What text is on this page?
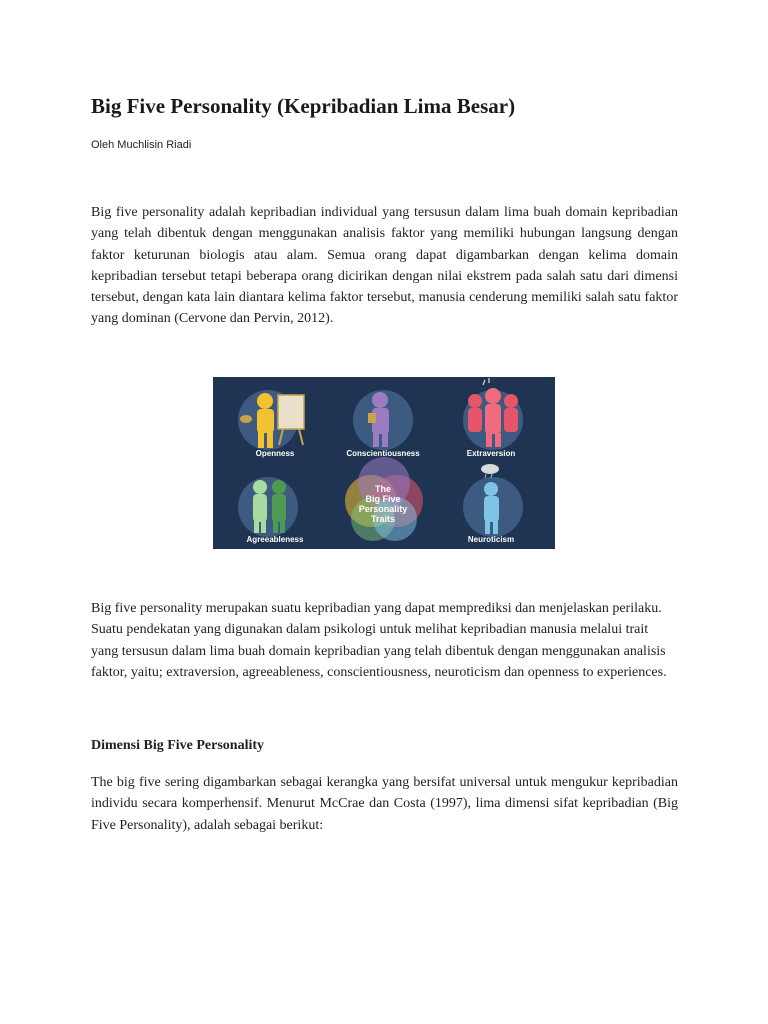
Big Five Personality (Kepribadian Lima Besar)
Oleh Muchlisin Riadi

Big five personality adalah kepribadian individual yang tersusun dalam lima buah domain kepribadian yang telah dibentuk dengan menggunakan analisis faktor yang memiliki hubungan langsung dengan faktor keturunan biologis atau alam. Semua orang dapat digambarkan dengan kelima domain kepribadian tersebut tetapi beberapa orang dicirikan dengan nilai ekstrem pada salah satu dari dimensi tersebut, dengan kata lain diantara kelima faktor tersebut, manusia cenderung memiliki salah satu faktor yang dominan (Cervone dan Pervin, 2012).

Openness	Conscientiousness	Extraversion
Agreeableness
The
Big Five
Personality
Traits
Neuroticism

Big five personality merupakan suatu kepribadian yang dapat memprediksi dan menjelaskan perilaku. Suatu pendekatan yang digunakan dalam psikologi untuk melihat kepribadian manusia melalui trait yang tersusun dalam lima buah domain kepribadian yang telah dibentuk dengan menggunakan analisis faktor, yaitu; extraversion, agreeableness, conscientiousness, neuroticism dan openness to experiences.

Dimensi Big Five Personality

The big five sering digambarkan sebagai kerangka yang bersifat universal untuk mengukur kepribadian individu secara komperhensif. Menurut McCrae dan Costa (1997), lima dimensi sifat kepribadian (Big Five Personality), adalah sebagai berikut:
